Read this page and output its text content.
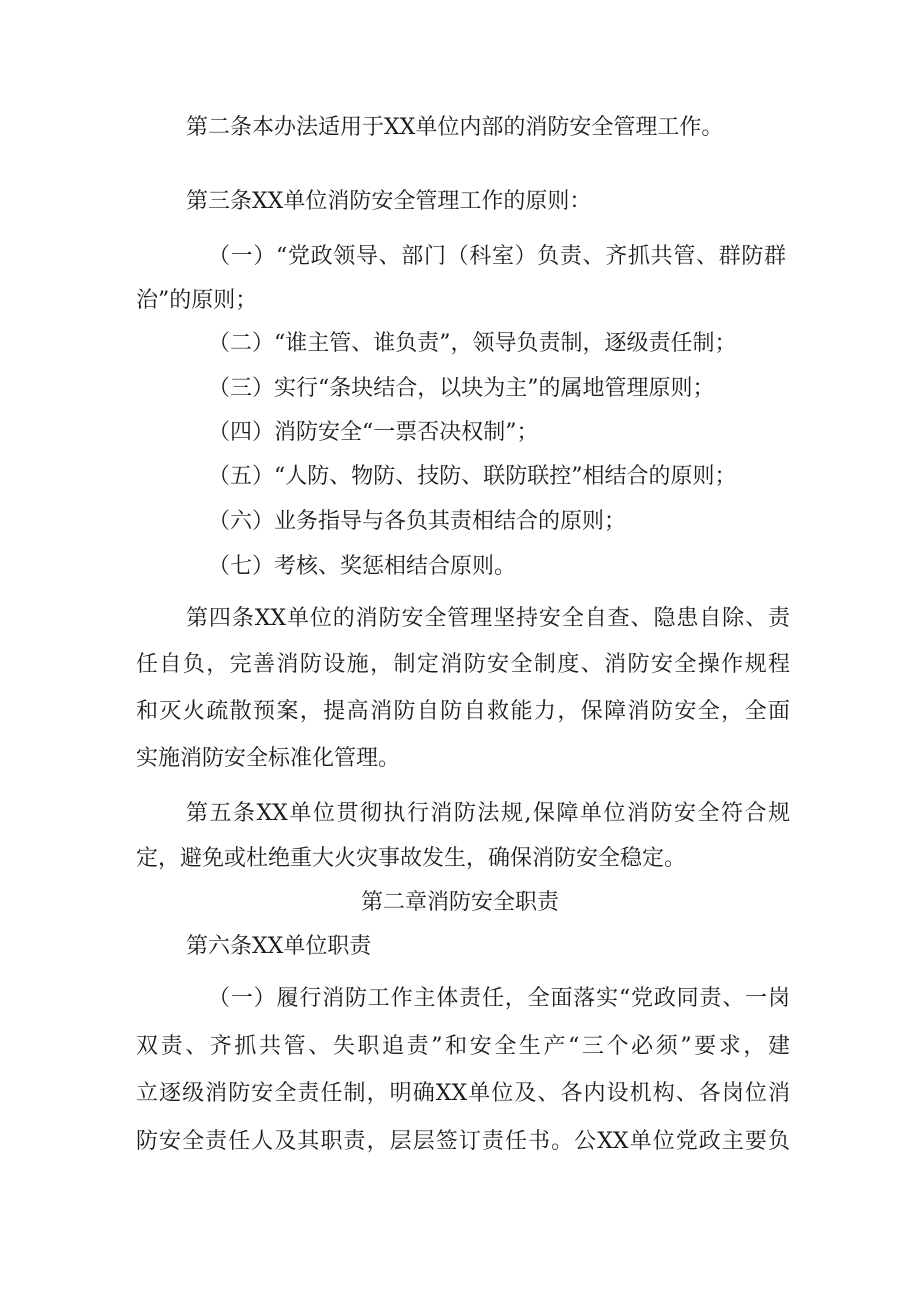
第二条本办法适用于XX单位内部的消防安全管理工作。
第三条XX单位消防安全管理工作的原则：
（一）“党政领导、部门（科室）负责、齐抓共管、群防群
治”的原则；
（二）“谁主管、谁负责”，领导负责制，逐级责任制；
（三）实行“条块结合，以块为主”的属地管理原则；
（四）消防安全“一票否决权制”；
（五）“人防、物防、技防、联防联控”相结合的原则；
（六）业务指导与各负其责相结合的原则；
（七）考核、奖惩相结合原则。
第四条XX单位的消防安全管理坚持安全自查、隐患自除、责
任自负，完善消防设施，制定消防安全制度、消防安全操作规程
和灭火疏散预案，提高消防自防自救能力，保障消防安全，全面
实施消防安全标准化管理。
第五条XX单位贯彻执行消防法规,保障单位消防安全符合规
定，避免或杜绝重大火灾事故发生，确保消防安全稳定。
第二章消防安全职责
第六条XX单位职责
（一）履行消防工作主体责任，全面落实“党政同责、一岗
双责、齐抓共管、失职追责”和安全生产“三个必须”要求，建
立逐级消防安全责任制，明确XX单位及、各内设机构、各岗位消
防安全责任人及其职责，层层签订责任书。公XX单位党政主要负
